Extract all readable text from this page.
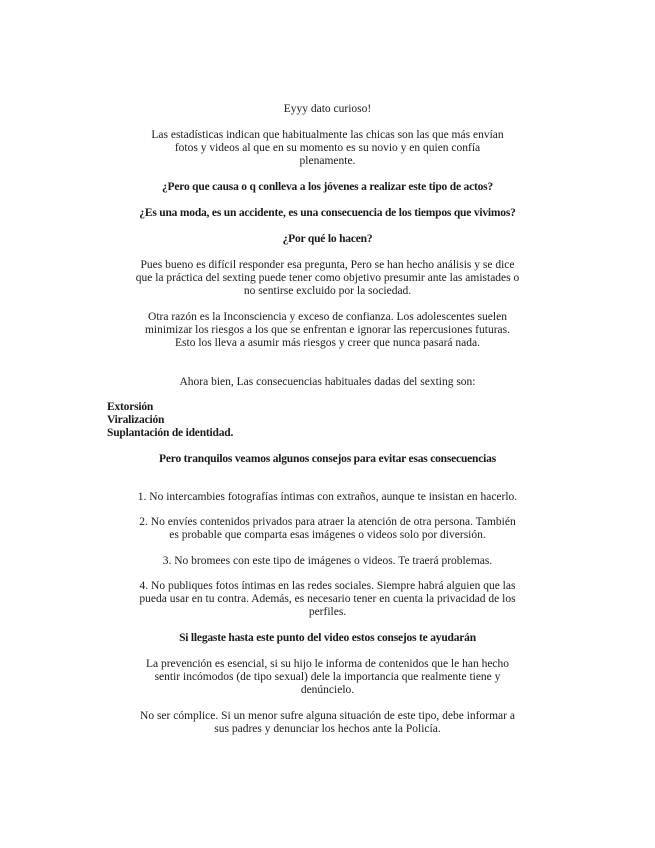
Eyyy dato curioso!
Las estadísticas indican que habitualmente las chicas son las que más envían
fotos y videos al que en su momento es su novio y en quien confía
plenamente.
¿Pero que causa o q conlleva a los jóvenes a realizar este tipo de actos?
¿Es una moda, es un accidente, es una consecuencia de los tiempos que vivimos?
¿Por qué lo hacen?
Pues bueno es difícil responder esa pregunta, Pero se han hecho análisis y se dice
que la práctica del sexting puede tener como objetivo presumir ante las amistades o
no sentirse excluido por la sociedad.
Otra razón es la Inconsciencia y exceso de confianza. Los adolescentes suelen
minimizar los riesgos a los que se enfrentan e ignorar las repercusiones futuras.
Esto los lleva a asumir más riesgos y creer que nunca pasará nada.
Ahora bien, Las consecuencias habituales dadas del sexting son:
Extorsión
Viralización
Suplantación de identidad.
Pero tranquilos veamos algunos consejos para evitar esas consecuencias
1. No intercambies fotografías íntimas con extraños, aunque te insistan en hacerlo.
2. No envíes contenidos privados para atraer la atención de otra persona. También
es probable que comparta esas imágenes o videos solo por diversión.
3. No bromees con este tipo de imágenes o videos. Te traerá problemas.
4. No publiques fotos íntimas en las redes sociales. Siempre habrá alguien que las
pueda usar en tu contra. Además, es necesario tener en cuenta la privacidad de los
perfiles.
Si llegaste hasta este punto del video estos consejos te ayudarán
La prevención es esencial, si su hijo le informa de contenidos que le han hecho
sentir incómodos (de tipo sexual) dele la importancia que realmente tiene y
denúncielo.
No ser cómplice. Si un menor sufre alguna situación de este tipo, debe informar a
sus padres y denunciar los hechos ante la Policía.
